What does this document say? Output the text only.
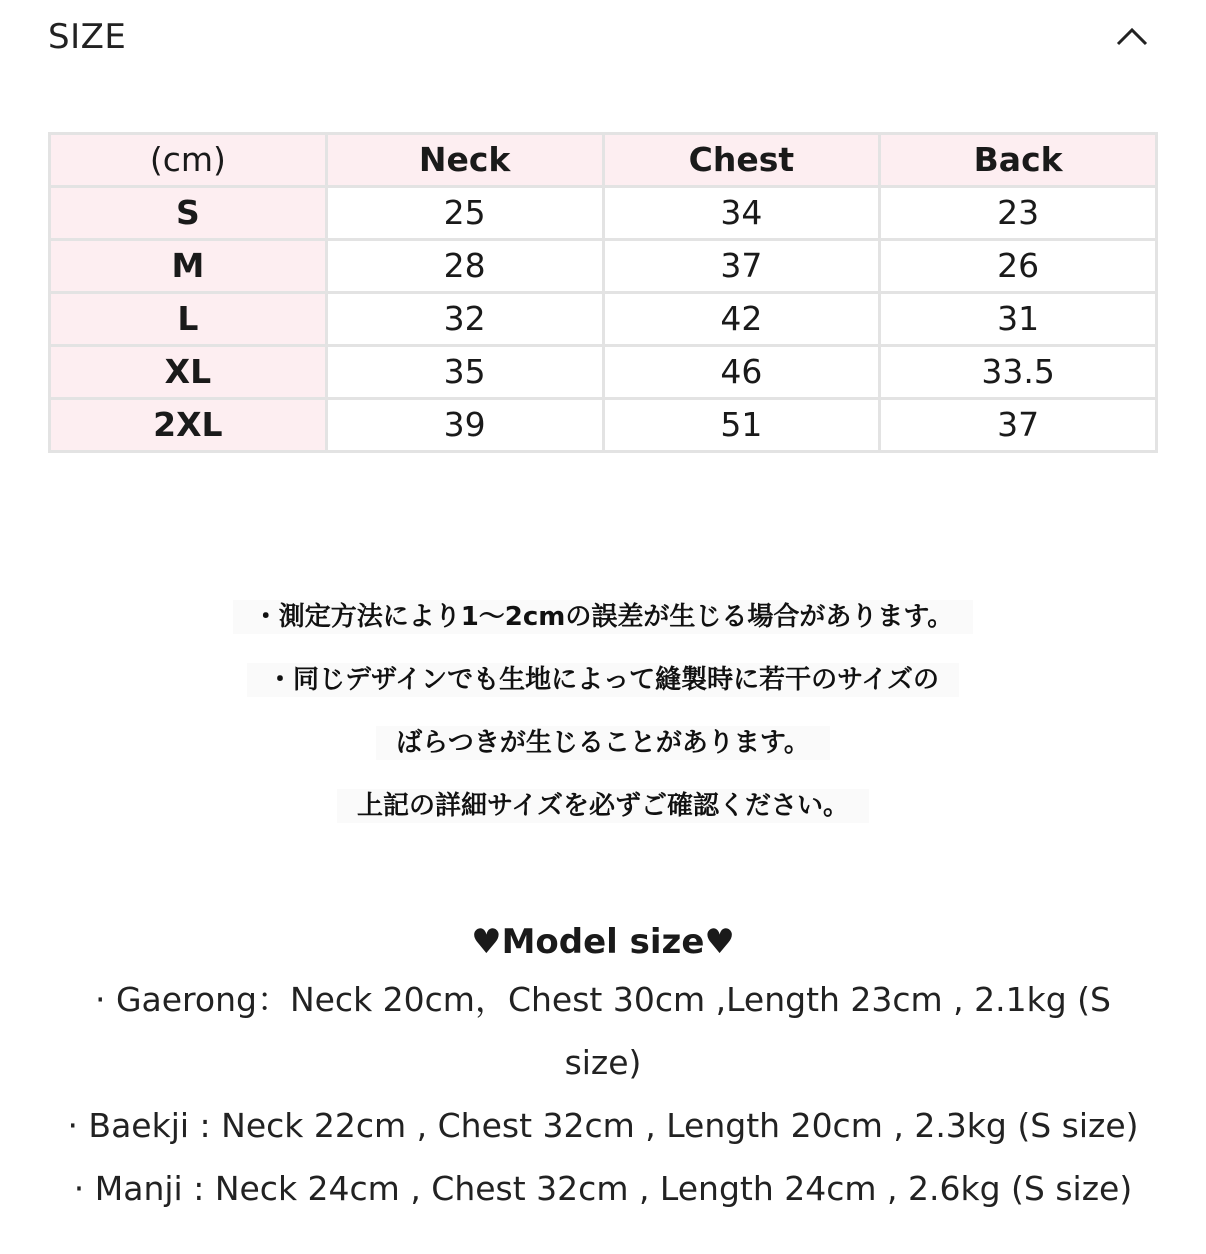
SIZE
(cm)	Neck	Chest	Back
S	25	34	23
M	28	37	26
L	32	42	31
XL	35	46	33.5
2XL	39	51	37
・測定方法により1〜2cmの誤差が生じる場合があります。
・同じデザインでも生地によって縫製時に若干のサイズの
ばらつきが生じることがあります。
上記の詳細サイズを必ずご確認ください。
♥Model size♥
· Gaerong：Neck 20cm，Chest 30cm ,Length 23cm , 2.1kg (S size)
· Baekji : Neck 22cm , Chest 32cm , Length 20cm , 2.3kg (S size)
· Manji : Neck 24cm , Chest 32cm , Length 24cm , 2.6kg (S size)
